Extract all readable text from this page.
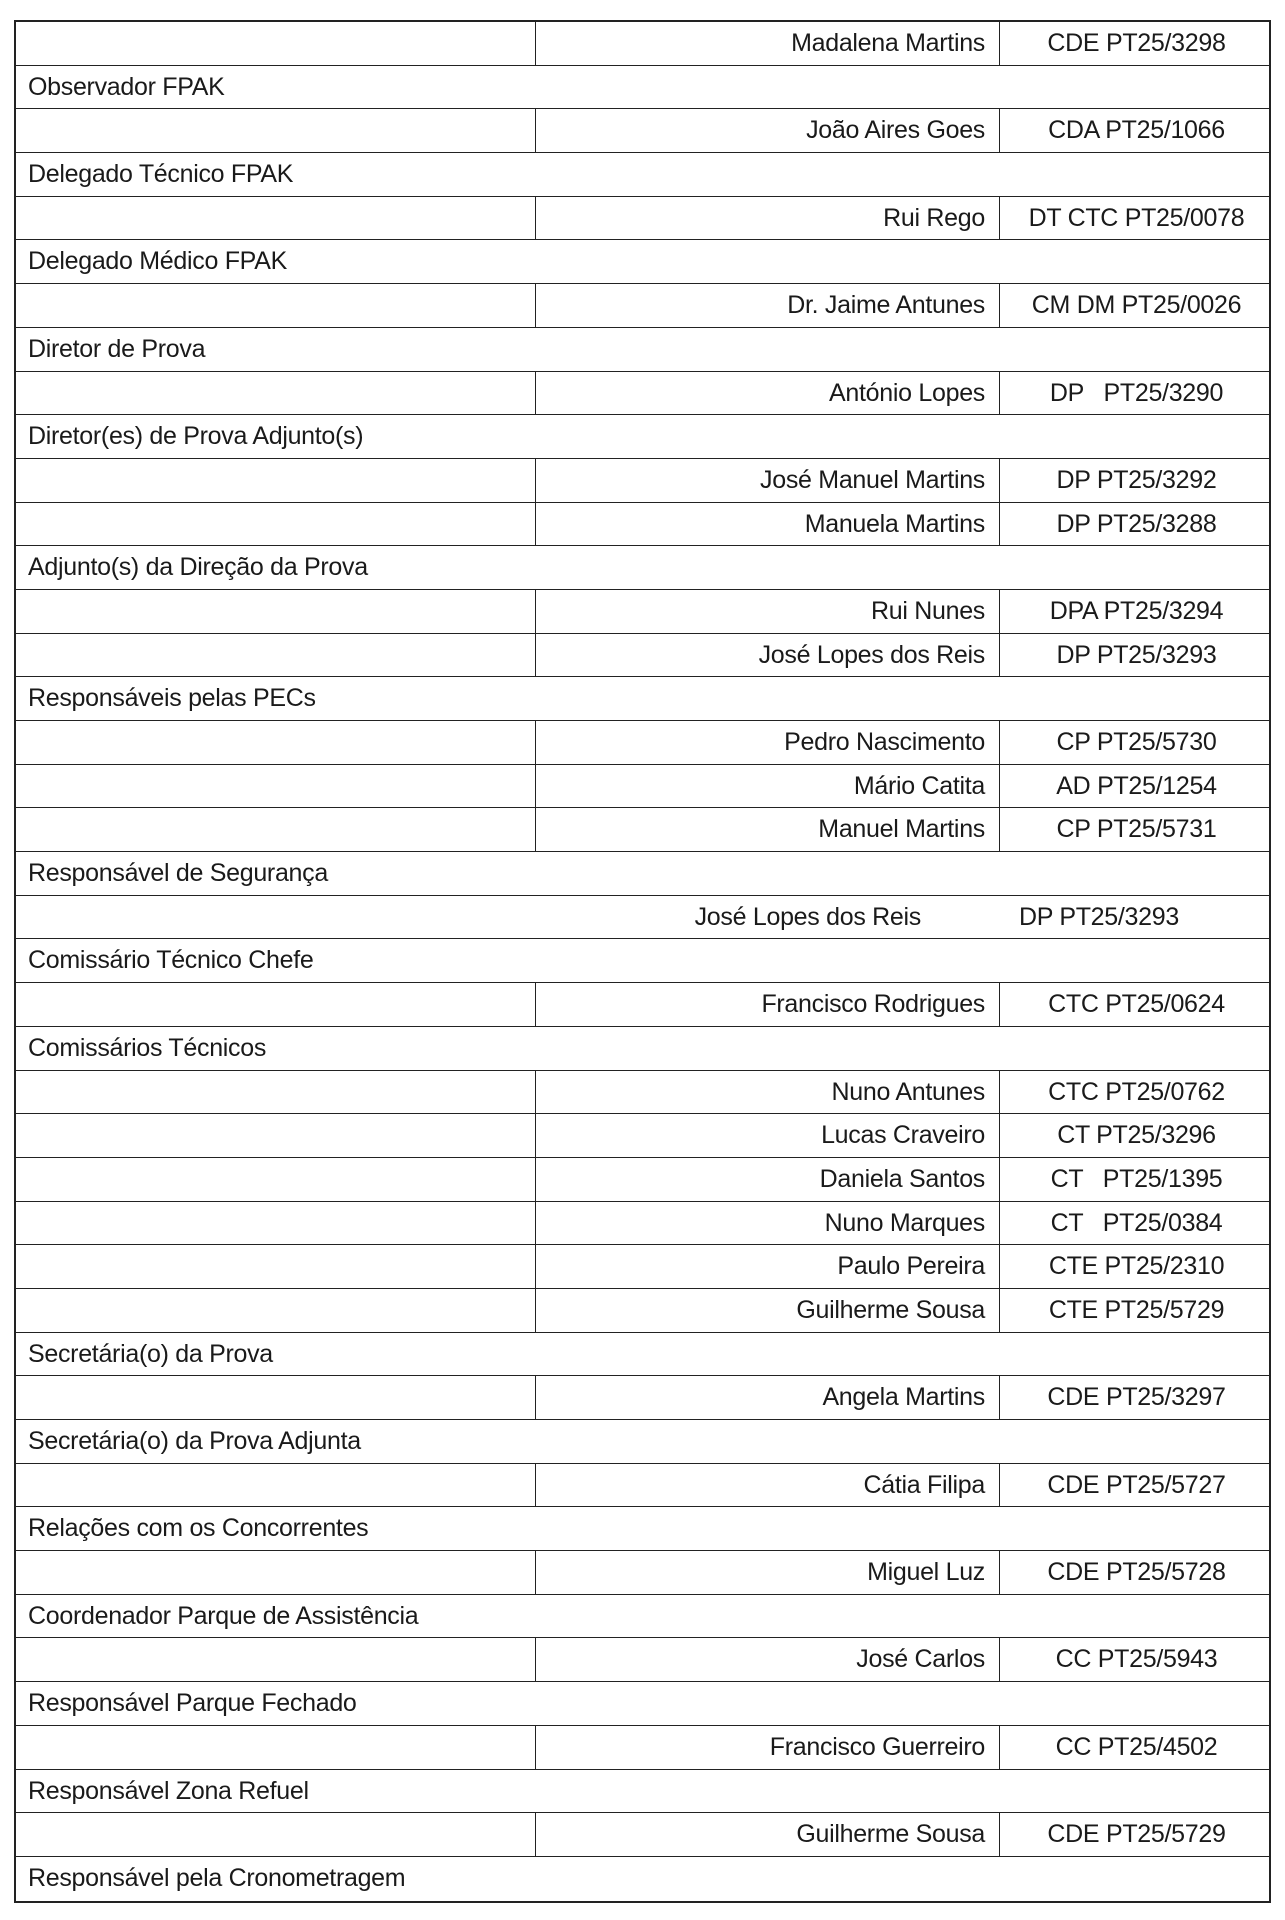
Madalena Martins	CDE PT25/3298
Observador FPAK
João Aires Goes	CDA PT25/1066
Delegado Técnico FPAK
Rui Rego	DT CTC PT25/0078
Delegado Médico FPAK
Dr. Jaime Antunes	CM DM PT25/0026
Diretor de Prova
António Lopes	DP   PT25/3290
Diretor(es) de Prova Adjunto(s)
José Manuel Martins	DP PT25/3292
Manuela Martins	DP PT25/3288
Adjunto(s) da Direção da Prova
Rui Nunes	DPA PT25/3294
José Lopes dos Reis	DP PT25/3293
Responsáveis pelas PECs
Pedro Nascimento	CP PT25/5730
Mário Catita	AD PT25/1254
Manuel Martins	CP PT25/5731
Responsável de Segurança
José Lopes dos Reis	DP PT25/3293
Comissário Técnico Chefe
Francisco Rodrigues	CTC PT25/0624
Comissários Técnicos
Nuno Antunes	CTC PT25/0762
Lucas Craveiro	CT PT25/3296
Daniela Santos	CT   PT25/1395
Nuno Marques	CT   PT25/0384
Paulo Pereira	CTE PT25/2310
Guilherme Sousa	CTE PT25/5729
Secretária(o) da Prova
Angela Martins	CDE PT25/3297
Secretária(o) da Prova Adjunta
Cátia Filipa	CDE PT25/5727
Relações com os Concorrentes
Miguel Luz	CDE PT25/5728
Coordenador Parque de Assistência
José Carlos	CC PT25/5943
Responsável Parque Fechado
Francisco Guerreiro	CC PT25/4502
Responsável Zona Refuel
Guilherme Sousa	CDE PT25/5729
Responsável pela Cronometragem
